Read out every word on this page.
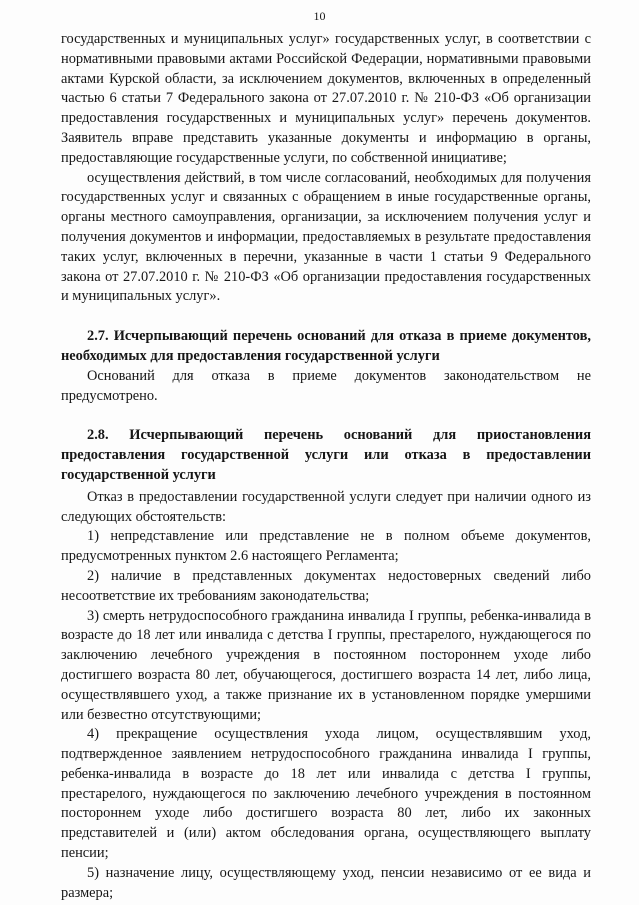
10

государственных и муниципальных услуг» государственных услуг, в соответствии с нормативными правовыми актами Российской Федерации, нормативными правовыми актами Курской области, за исключением документов, включенных в определенный частью 6 статьи 7 Федерального закона от 27.07.2010 г. № 210-ФЗ «Об организации предоставления государственных и муниципальных услуг» перечень документов. Заявитель вправе представить указанные документы и информацию в органы, предоставляющие государственные услуги, по собственной инициативе;

осуществления действий, в том числе согласований, необходимых для получения государственных услуг и связанных с обращением в иные государственные органы, органы местного самоуправления, организации, за исключением получения услуг и получения документов и информации, предоставляемых в результате предоставления таких услуг, включенных в перечни, указанные в части 1 статьи 9 Федерального закона от 27.07.2010 г. № 210-ФЗ «Об организации предоставления государственных и муниципальных услуг».

2.7. Исчерпывающий перечень оснований для отказа в приеме документов, необходимых для предоставления государственной услуги

Оснований для отказа в приеме документов законодательством не предусмотрено.

2.8. Исчерпывающий перечень оснований для приостановления предоставления государственной услуги или отказа в предоставлении государственной услуги

Отказ в предоставлении государственной услуги следует при наличии одного из следующих обстоятельств:

1) непредставление или представление не в полном объеме документов, предусмотренных пунктом 2.6 настоящего Регламента;

2) наличие в представленных документах недостоверных сведений либо несоответствие их требованиям законодательства;

3) смерть нетрудоспособного гражданина инвалида I группы, ребенка-инвалида в возрасте до 18 лет или инвалида с детства I группы, престарелого, нуждающегося по заключению лечебного учреждения в постоянном постороннем уходе либо достигшего возраста 80 лет, обучающегося, достигшего возраста 14 лет, либо лица, осуществлявшего уход, а также признание их в установленном порядке умершими или безвестно отсутствующими;

4) прекращение осуществления ухода лицом, осуществлявшим уход, подтвержденное заявлением нетрудоспособного гражданина инвалида I группы, ребенка-инвалида в возрасте до 18 лет или инвалида с детства I группы, престарелого, нуждающегося по заключению лечебного учреждения в постоянном постороннем уходе либо достигшего возраста 80 лет, либо их законных представителей и (или) актом обследования органа, осуществляющего выплату пенсии;

5) назначение лицу, осуществляющему уход, пенсии независимо от ее вида и размера;
